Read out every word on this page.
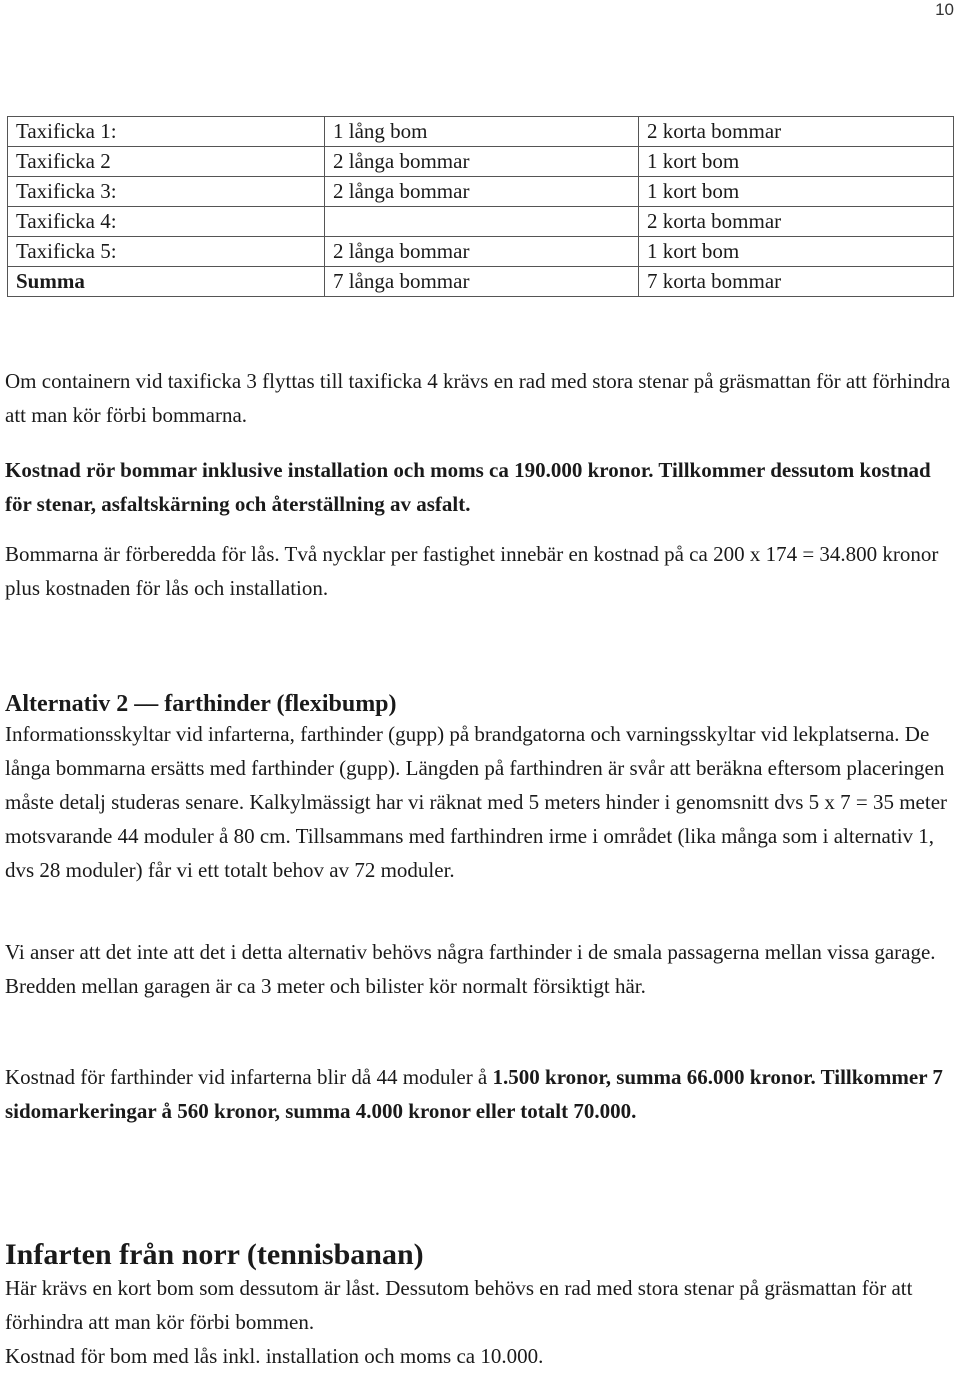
10
Taxificka 1:	1 lång bom	2 korta bommar
Taxificka 2	2 långa bommar	1 kort bom
Taxificka 3:	2 långa bommar	1 kort bom
Taxificka 4:		2 korta bommar
Taxificka 5:	2 långa bommar	1 kort bom
Summa	7 långa bommar	7 korta bommar

Om containern vid taxificka 3 flyttas till taxificka 4 krävs en rad med stora stenar på gräsmattan för att förhindra att man kör förbi bommarna.

Kostnad rör bommar inklusive installation och moms ca 190.000 kronor. Tillkommer dessutom kostnad för stenar, asfaltskärning och återställning av asfalt.

Bommarna är förberedda för lås. Två nycklar per fastighet innebär en kostnad på ca 200 x 174 = 34.800 kronor plus kostnaden för lås och installation.

Alternativ 2 –– farthinder (flexibump)

Informationsskyltar vid infarterna, farthinder (gupp) på brandgatorna och varningsskyltar vid lekplatserna. De långa bommarna ersätts med farthinder (gupp). Längden på farthindren är svår att beräkna eftersom placeringen måste detalj studeras senare. Kalkylmässigt har vi räknat med 5 meters hinder i genomsnitt dvs 5 x 7 = 35 meter motsvarande 44 moduler å 80 cm. Tillsammans med farthindren irme i området (lika många som i alternativ 1, dvs 28 moduler) får vi ett totalt behov av 72 moduler.

Vi anser att det inte att det i detta alternativ behövs några farthinder i de smala passagerna mellan vissa garage. Bredden mellan garagen är ca 3 meter och bilister kör normalt försiktigt här.

Kostnad för farthinder vid infarterna blir då 44 moduler å 1.500 kronor, summa 66.000 kronor. Tillkommer 7 sidomarkeringar å 560 kronor, summa 4.000 kronor eller totalt 70.000.

Infarten från norr (tennisbanan)

Här krävs en kort bom som dessutom är låst. Dessutom behövs en rad med stora stenar på gräsmattan för att förhindra att man kör förbi bommen.

Kostnad för bom med lås inkl. installation och moms ca 10.000.
